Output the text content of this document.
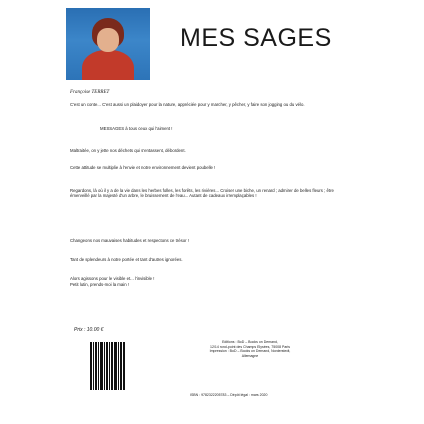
MES SAGES
Françoise TERRET
C'est un conte... C'est aussi un plaidoyer pour la nature, appréciée pour y marcher, y pêcher, y faire son jogging ou du vélo.
MESSAGES à tous ceux qui l'aiment !
Maltraitée, on y jette nos déchets qui s'entassent, débordent.
Cette attitude se multiplie à l'envie et notre environnement devient poubelle !
Regardons, là où il y a de la vie dans les herbes folles, les forêts, les rivières... Croiser une biche, un renard ; admirer de belles fleurs ; être émerveillé par la majesté d'un arbre, le bruissement de l'eau... Autant de cadeaux irremplaçables !
Changeons nos mauvaises habitudes et respectons ce trésor !
Tant de splendeurs à notre portée et tant d'autres ignorées.
Alors agissons pour le visible et... l'invisible !
Petit lutin, prends-moi la main !
Prix : 10.00 €
Editions : BoD – Books on Demand,
12/14 rond-point des Champs Elysées, 75008 Paris
Impression : BoD – Books on Demand, Norderstedt,
Allemagne
ISBN : 9782322205783 – Dépôt légal : mars 2020
